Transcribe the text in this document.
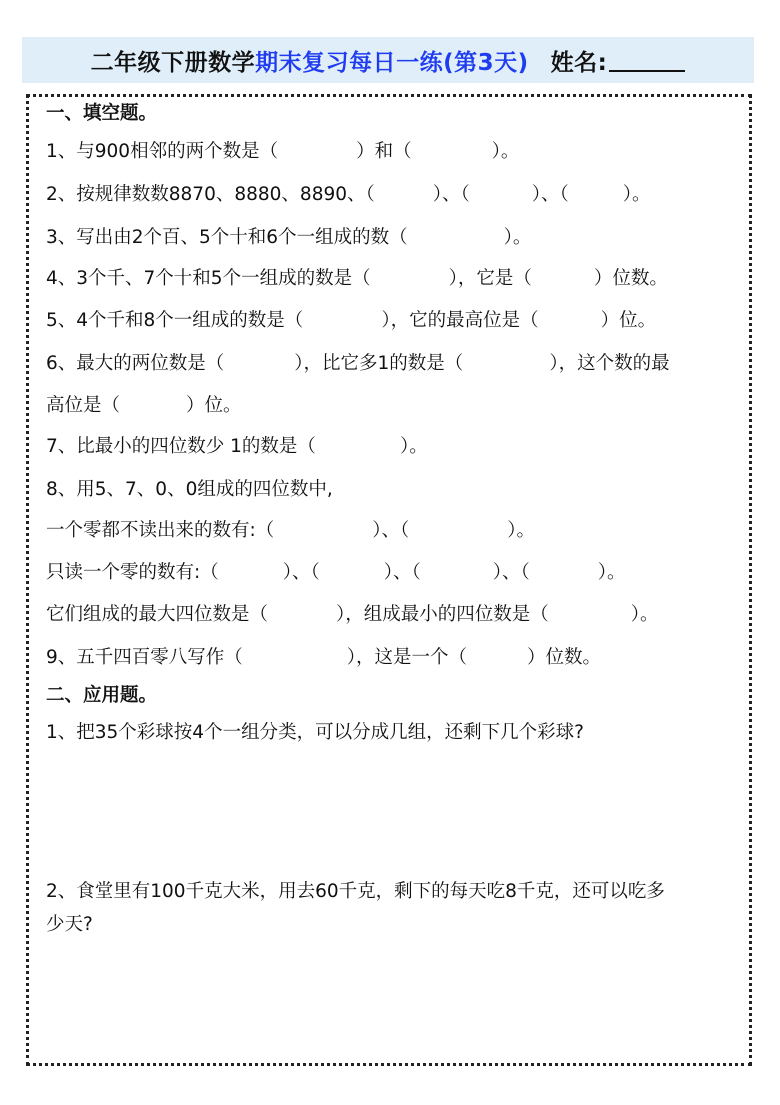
二年级下册数学 期末复习每日一练(第3天) 姓名:
一、填空题。
1、与900相邻的两个数是（	）和（	）。
2、按规律数数8870、8880、8890、（	）、（	）、（	）。
3、写出由2个百、5个十和6个一组成的数（	）。
4、3个千、7个十和5个一组成的数是（	），它是（	）位数。
5、4个千和8个一组成的数是（	），它的最高位是（	）位。
6、最大的两位数是（	），比它多1的数是（	），这个数的最
高位是（	）位。
7、比最小的四位数少 1的数是（	）。
8、用5、7、0、0组成的四位数中,
一个零都不读出来的数有:（	）、（	）。
只读一个零的数有:（	）、（	）、（	）、（	）。
它们组成的最大四位数是（	），组成最小的四位数是（	）。
9、五千四百零八写作（	），这是一个（	）位数。
二、应用题。
1、把35个彩球按4个一组分类，可以分成几组，还剩下几个彩球?
2、食堂里有100千克大米，用去60千克，剩下的每天吃8千克，还可以吃多
少天?
